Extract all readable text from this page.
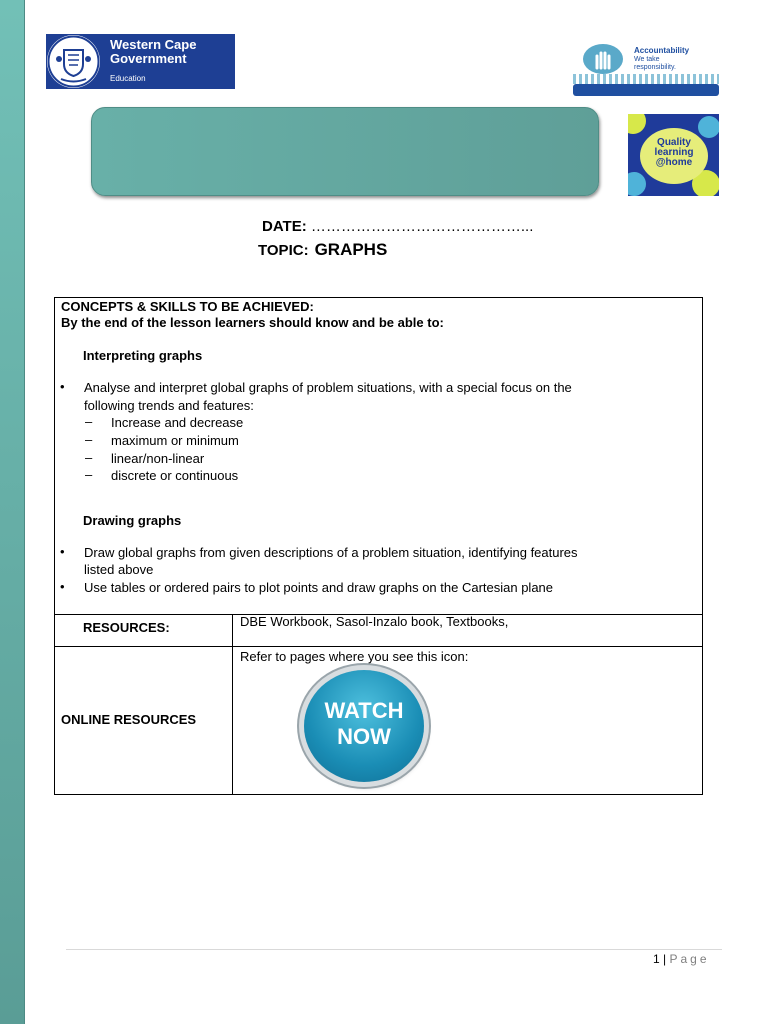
Western Cape
Government
Education
Accountability
We take responsibility.
Quality learning @home
DATE: ……………………………………...
TOPIC: GRAPHS
CONCEPTS & SKILLS TO BE ACHIEVED:
By the end of the lesson learners should know and be able to:
Interpreting graphs
• Analyse and interpret global graphs of problem situations, with a special focus on the
following trends and features:
– Increase and decrease
– maximum or minimum
– linear/non-linear
– discrete or continuous
Drawing graphs
• Draw global graphs from given descriptions of a problem situation, identifying features
listed above
• Use tables or ordered pairs to plot points and draw graphs on the Cartesian plane
RESOURCES:	DBE Workbook, Sasol-Inzalo book, Textbooks,
ONLINE RESOURCES
Refer to pages where you see this icon:
WATCH
NOW
1 | Page
